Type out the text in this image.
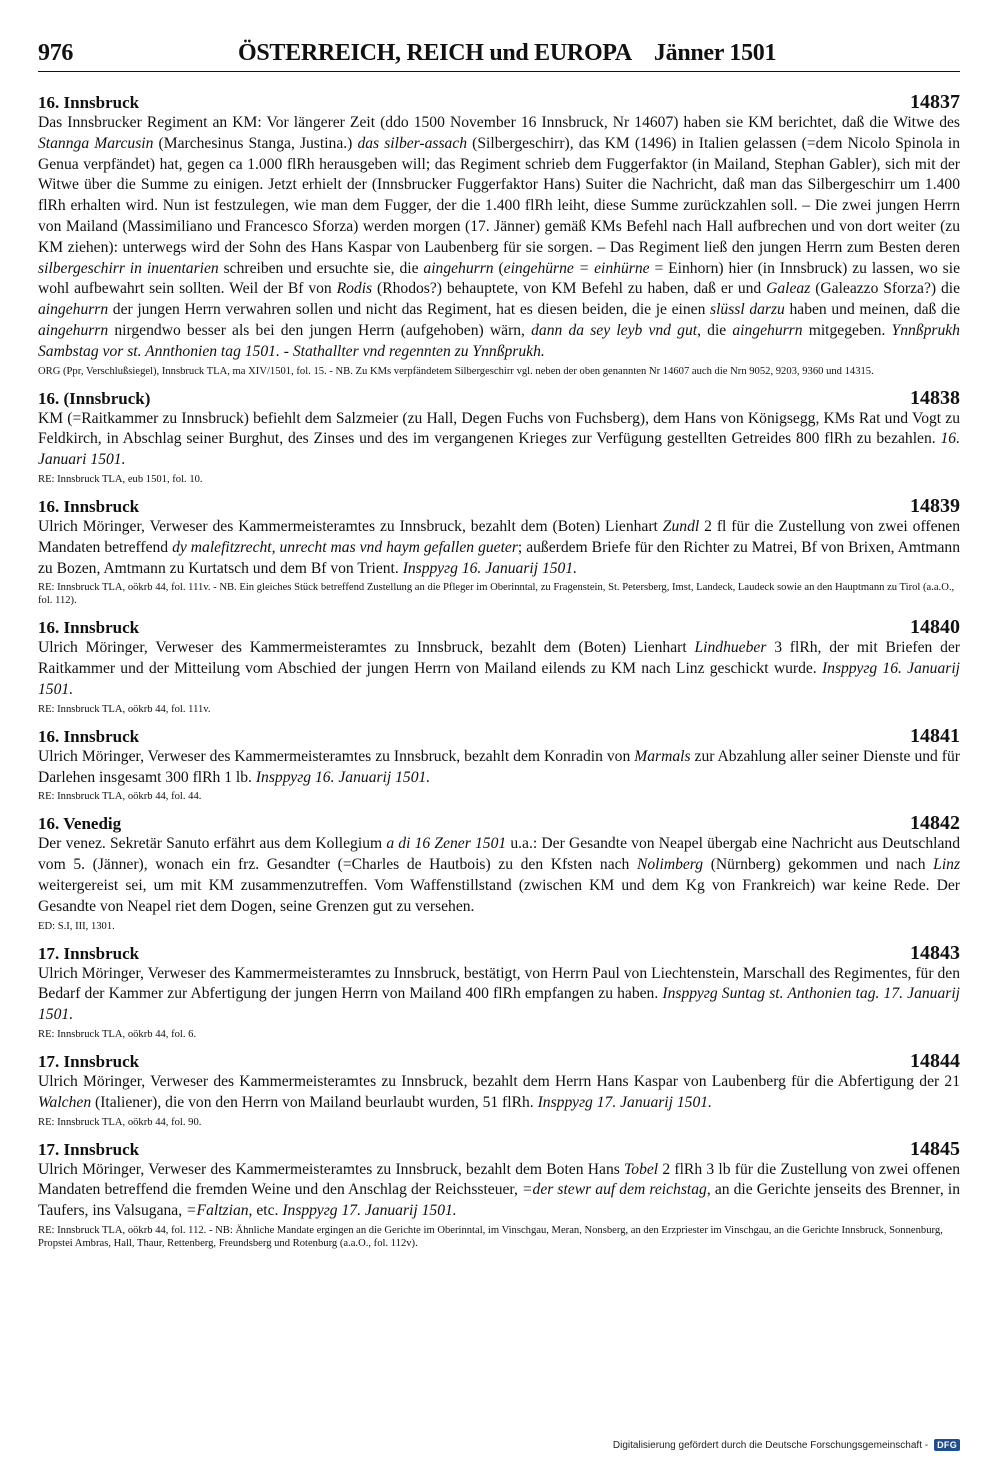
976	ÖSTERREICH, REICH und EUROPA Jänner 1501
16. Innsbruck	14837
Das Innsbrucker Regiment an KM: Vor längerer Zeit (ddo 1500 November 16 Innsbruck, Nr 14607) haben sie KM berichtet, daß die Witwe des Stannga Marcusin (Marchesinus Stanga, Justina.) das silber-assach (Silbergeschirr), das KM (1496) in Italien gelassen (=dem Nicolo Spinola in Genua verpfändet) hat, gegen ca 1.000 flRh herausgeben will; das Regiment schrieb dem Fuggerfaktor (in Mailand, Stephan Gabler), sich mit der Witwe über die Summe zu einigen. Jetzt erhielt der (Innsbrucker Fuggerfaktor Hans) Suiter die Nachricht, daß man das Silbergeschirr um 1.400 flRh erhalten wird. Nun ist festzulegen, wie man dem Fugger, der die 1.400 flRh leiht, diese Summe zurückzahlen soll. – Die zwei jungen Herrn von Mailand (Massimiliano und Francesco Sforza) werden morgen (17. Jänner) gemäß KMs Befehl nach Hall aufbrechen und von dort weiter (zu KM ziehen): unterwegs wird der Sohn des Hans Kaspar von Laubenberg für sie sorgen. – Das Regiment ließ den jungen Herrn zum Besten deren silbergeschirr in inuentarien schreiben und ersuchte sie, die aingehurrn (eingehürne = einhürne = Einhorn) hier (in Innsbruck) zu lassen, wo sie wohl aufbewahrt sein sollten. Weil der Bf von Rodis (Rhodos?) behauptete, von KM Befehl zu haben, daß er und Galeaz (Galeazzo Sforza?) die aingehurrn der jungen Herrn verwahren sollen und nicht das Regiment, hat es diesen beiden, die je einen slüssl darzu haben und meinen, daß die aingehurrn nirgendwo besser als bei den jungen Herrn (aufgehoben) wärn, dann da sey leyb vnd gut, die aingehurrn mitgegeben. Ynnßprukh Sambstag vor st. Annthonien tag 1501. - Stathallter vnd regennten zu Ynnßprukh.
ORG (Ppr, Verschlußsiegel), Innsbruck TLA, ma XIV/1501, fol. 15. - NB. Zu KMs verpfändetem Silbergeschirr vgl. neben der oben genannten Nr 14607 auch die Nrn 9052, 9203, 9360 und 14315.
16. (Innsbruck)	14838
KM (=Raitkammer zu Innsbruck) befiehlt dem Salzmeier (zu Hall, Degen Fuchs von Fuchsberg), dem Hans von Königsegg, KMs Rat und Vogt zu Feldkirch, in Abschlag seiner Burghut, des Zinses und des im vergangenen Krieges zur Verfügung gestellten Getreides 800 flRh zu bezahlen. 16. Januari 1501.
RE: Innsbruck TLA, eub 1501, fol. 10.
16. Innsbruck	14839
Ulrich Möringer, Verweser des Kammermeisteramtes zu Innsbruck, bezahlt dem (Boten) Lienhart Zundl 2 fl für die Zustellung von zwei offenen Mandaten betreffend dy malefitzrecht, unrecht mas vnd haym gefallen gueter; außerdem Briefe für den Richter zu Matrei, Bf von Brixen, Amtmann zu Bozen, Amtmann zu Kurtatsch und dem Bf von Trient. Inspругg 16. Januarij 1501.
RE: Innsbruck TLA, oökrb 44, fol. 111v. - NB. Ein gleiches Stück betreffend Zustellung an die Pfleger im Oberinntal, zu Fragenstein, St. Petersberg, Imst, Landeck, Laudeck sowie an den Hauptmann zu Tirol (a.a.O., fol. 112).
16. Innsbruck	14840
Ulrich Möringer, Verweser des Kammermeisteramtes zu Innsbruck, bezahlt dem (Boten) Lienhart Lindhueber 3 flRh, der mit Briefen der Raitkammer und der Mitteilung vom Abschied der jungen Herrn von Mailand eilends zu KM nach Linz geschickt wurde. Inspругg 16. Januarij 1501.
RE: Innsbruck TLA, oökrb 44, fol. 111v.
16. Innsbruck	14841
Ulrich Möringer, Verweser des Kammermeisteramtes zu Innsbruck, bezahlt dem Konradin von Marmals zur Abzahlung aller seiner Dienste und für Darlehen insgesamt 300 flRh 1 lb. Inspругg 16. Januarij 1501.
RE: Innsbruck TLA, oökrb 44, fol. 44.
16. Venedig	14842
Der venez. Sekretär Sanuto erfährt aus dem Kollegium a di 16 Zener 1501 u.a.: Der Gesandte von Neapel übergab eine Nachricht aus Deutschland vom 5. (Jänner), wonach ein frz. Gesandter (=Charles de Hautbois) zu den Kfsten nach Nolimberg (Nürnberg) gekommen und nach Linz weitergereist sei, um mit KM zusammenzutreffen. Vom Waffenstillstand (zwischen KM und dem Kg von Frankreich) war keine Rede. Der Gesandte von Neapel riet dem Dogen, seine Grenzen gut zu versehen.
ED: S.I, III, 1301.
17. Innsbruck	14843
Ulrich Möringer, Verweser des Kammermeisteramtes zu Innsbruck, bestätigt, von Herrn Paul von Liechtenstein, Marschall des Regimentes, für den Bedarf der Kammer zur Abfertigung der jungen Herrn von Mailand 400 flRh empfangen zu haben. Inspругg Suntag st. Anthonien tag. 17. Januarij 1501.
RE: Innsbruck TLA, oökrb 44, fol. 6.
17. Innsbruck	14844
Ulrich Möringer, Verweser des Kammermeisteramtes zu Innsbruck, bezahlt dem Herrn Hans Kaspar von Laubenberg für die Abfertigung der 21 Walchen (Italiener), die von den Herrn von Mailand beurlaubt wurden, 51 flRh. Inspругg 17. Januarij 1501.
RE: Innsbruck TLA, oökrb 44, fol. 90.
17. Innsbruck	14845
Ulrich Möringer, Verweser des Kammermeisteramtes zu Innsbruck, bezahlt dem Boten Hans Tobel 2 flRh 3 lb für die Zustellung von zwei offenen Mandaten betreffend die fremden Weine und den Anschlag der Reichssteuer, =der stewr auf dem reichstag, an die Gerichte jenseits des Brenner, in Taufers, ins Valsugana, =Faltzian, etc. Inspругg 17. Januarij 1501.
RE: Innsbruck TLA, oökrb 44, fol. 112. - NB: Ähnliche Mandate ergingen an die Gerichte im Oberinntal, im Vinschgau, Meran, Nonsberg, an den Erzpriester im Vinschgau, an die Gerichte Innsbruck, Sonnenburg, Propstei Ambras, Hall, Thaur, Rettenberg, Freundsberg und Rotenburg (a.a.O., fol. 112v).
Digitalisierung gefördert durch die Deutsche Forschungsgemeinschaft -	DFG
